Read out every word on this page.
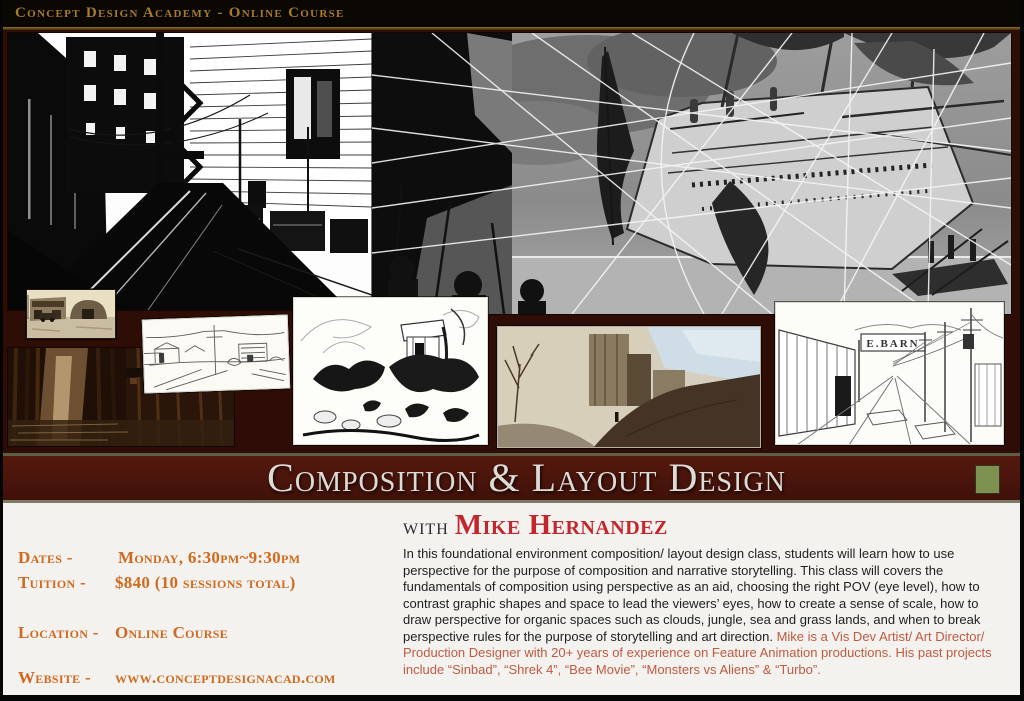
Concept Design Academy - Online Course
E.BARN
Composition & Layout Design
Dates -	Monday, 6:30pm~9:30pm
Tuition -	$840 (10 sessions total)
Location - Online Course
Website -	www.conceptdesignacad.com
with Mike Hernandez

In this foundational environment composition/ layout design class, students will learn how to use perspective for the purpose of composition and narrative storytelling. This class will covers the fundamentals of composition using perspective as an aid, choosing the right POV (eye level), how to contrast graphic shapes and space to lead the viewers’ eyes, how to create a sense of scale, how to draw perspective for organic spaces such as clouds, jungle, sea and grass lands, and when to break perspective rules for the purpose of storytelling and art direction. Mike is a Vis Dev Artist/ Art Director/ Production Designer with 20+ years of experience on Feature Animation productions. His past projects include “Sinbad”, “Shrek 4”, “Bee Movie”, “Monsters vs Aliens” & “Turbo”.
